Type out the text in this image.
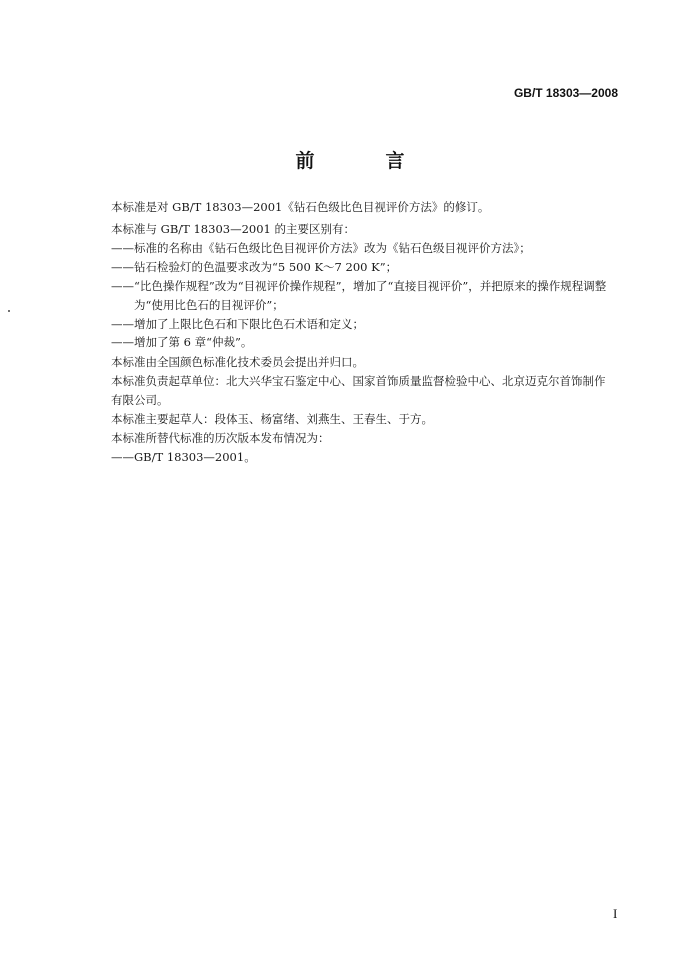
GB/T 18303—2008
前　言
本标准是对 GB/T 18303—2001《钻石色级比色目视评价方法》的修订。
本标准与 GB/T 18303—2001 的主要区别有：
——标准的名称由《钻石色级比色目视评价方法》改为《钻石色级目视评价方法》；
——钻石检验灯的色温要求改为“5 500 K～7 200 K”；
——“比色操作规程”改为“目视评价操作规程”，增加了“直接目视评价”，并把原来的操作规程调整
为“使用比色石的目视评价”；
——增加了上限比色石和下限比色石术语和定义；
——增加了第 6 章“仲裁”。
本标准由全国颜色标准化技术委员会提出并归口。
本标准负责起草单位：北大兴华宝石鉴定中心、国家首饰质量监督检验中心、北京迈克尔首饰制作
有限公司。
本标准主要起草人：段体玉、杨富绪、刘燕生、王春生、于方。
本标准所替代标准的历次版本发布情况为：
——GB/T 18303—2001。
I
